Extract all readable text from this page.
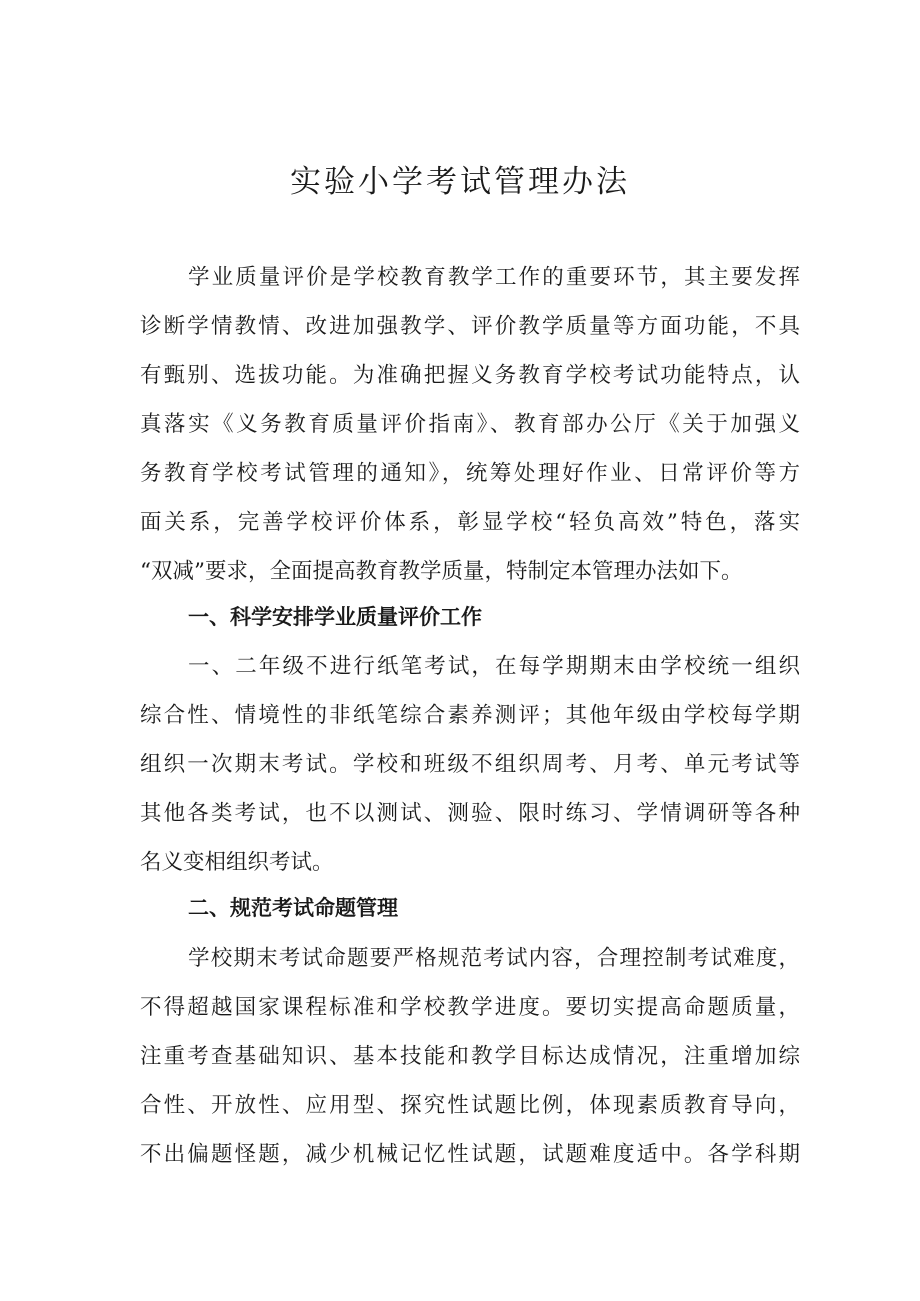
实验小学考试管理办法

学业质量评价是学校教育教学工作的重要环节，其主要发挥

诊断学情教情、改进加强教学、评价教学质量等方面功能，不具

有甄别、选拔功能。为准确把握义务教育学校考试功能特点，认

真落实《义务教育质量评价指南》、教育部办公厅《关于加强义

务教育学校考试管理的通知》，统筹处理好作业、日常评价等方

面关系，完善学校评价体系，彰显学校“轻负高效”特色，落实

“双减”要求，全面提高教育教学质量，特制定本管理办法如下。

一、科学安排学业质量评价工作

一、二年级不进行纸笔考试，在每学期期末由学校统一组织

综合性、情境性的非纸笔综合素养测评；其他年级由学校每学期

组织一次期末考试。学校和班级不组织周考、月考、单元考试等

其他各类考试，也不以测试、测验、限时练习、学情调研等各种

名义变相组织考试。

二、规范考试命题管理

学校期末考试命题要严格规范考试内容，合理控制考试难度，

不得超越国家课程标准和学校教学进度。要切实提高命题质量，

注重考查基础知识、基本技能和教学目标达成情况，注重增加综

合性、开放性、应用型、探究性试题比例，体现素质教育导向，

不出偏题怪题，减少机械记忆性试题，试题难度适中。各学科期
